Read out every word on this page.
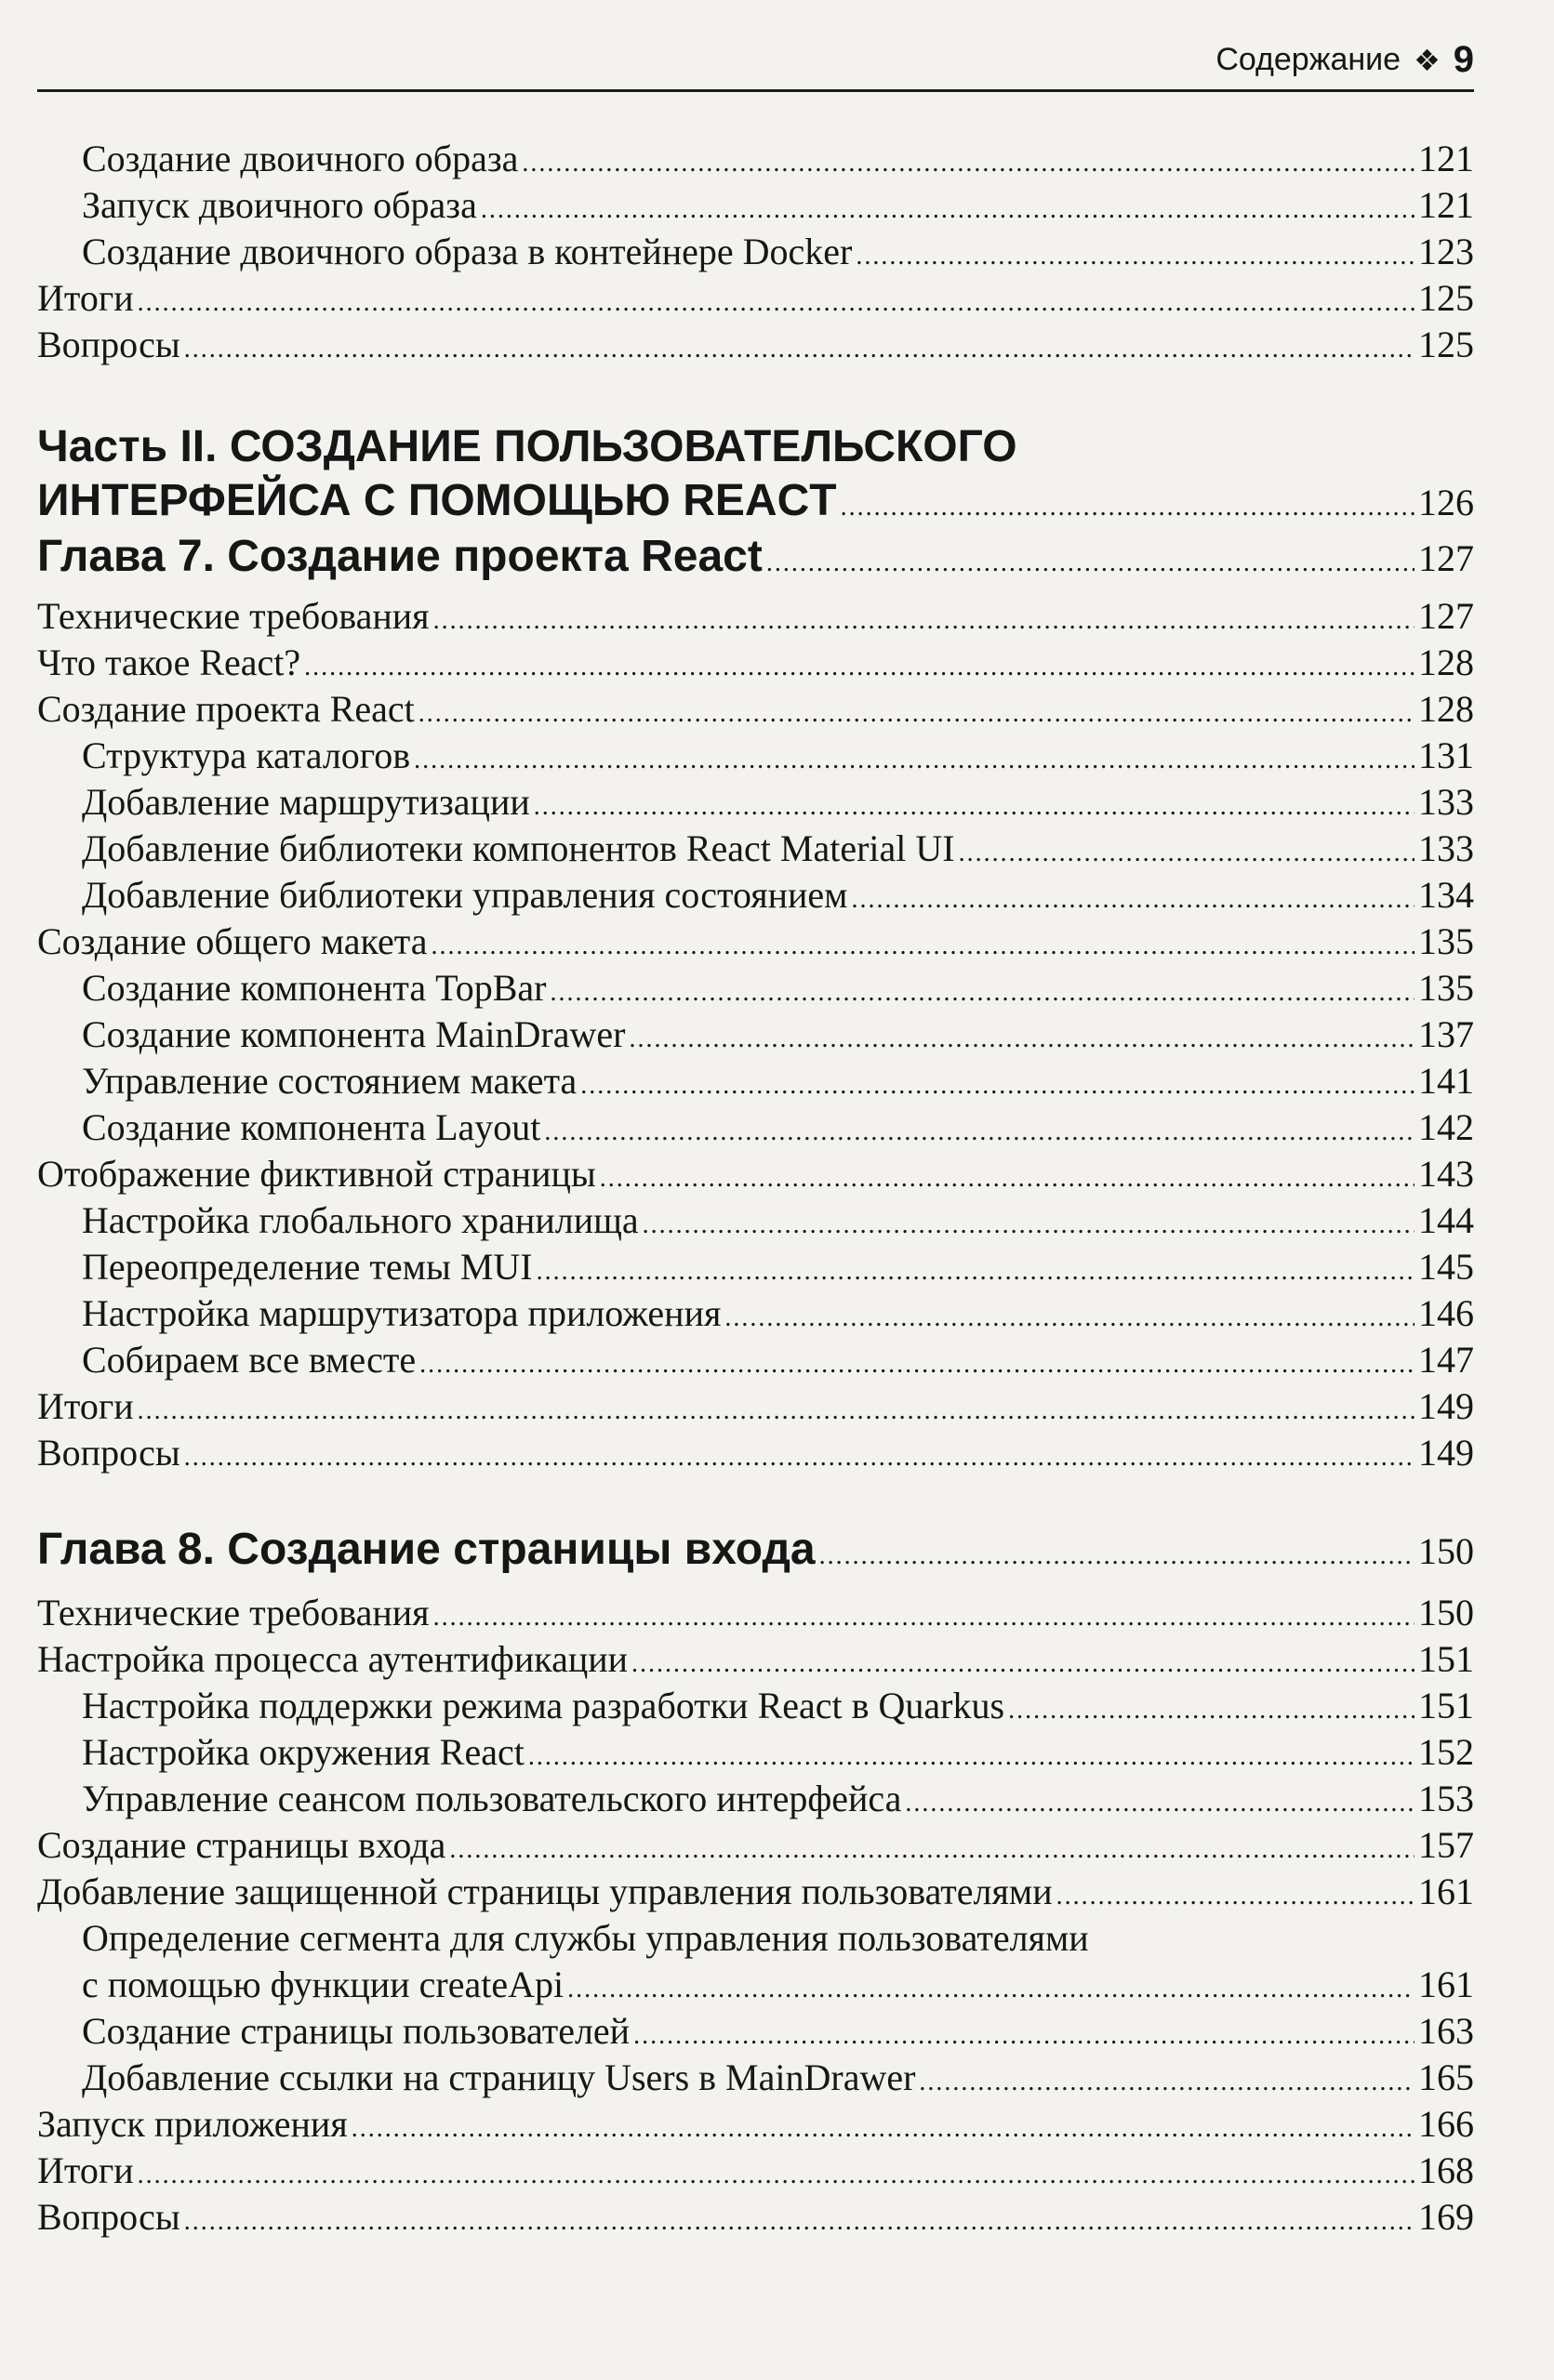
Содержание ❖ 9
Создание двоичного образа .....	121
Запуск двоичного образа .....	121
Создание двоичного образа в контейнере Docker .....	123
Итоги .....	125
Вопросы .....	125
Часть II. СОЗДАНИЕ ПОЛЬЗОВАТЕЛЬСКОГО
ИНТЕРФЕЙСА С ПОМОЩЬЮ REACT .....	126
Глава 7. Создание проекта React .....	127
Технические требования .....	127
Что такое React? .....	128
Создание проекта React .....	128
Структура каталогов .....	131
Добавление маршрутизации .....	133
Добавление библиотеки компонентов React Material UI .....	133
Добавление библиотеки управления состоянием .....	134
Создание общего макета .....	135
Создание компонента TopBar .....	135
Создание компонента MainDrawer .....	137
Управление состоянием макета .....	141
Создание компонента Layout .....	142
Отображение фиктивной страницы .....	143
Настройка глобального хранилища .....	144
Переопределение темы MUI .....	145
Настройка маршрутизатора приложения .....	146
Собираем все вместе .....	147
Итоги .....	149
Вопросы .....	149
Глава 8. Создание страницы входа .....	150
Технические требования .....	150
Настройка процесса аутентификации .....	151
Настройка поддержки режима разработки React в Quarkus .....	151
Настройка окружения React .....	152
Управление сеансом пользовательского интерфейса .....	153
Создание страницы входа .....	157
Добавление защищенной страницы управления пользователями .....	161
Определение сегмента для службы управления пользователями
с помощью функции createApi .....	161
Создание страницы пользователей .....	163
Добавление ссылки на страницу Users в MainDrawer .....	165
Запуск приложения .....	166
Итоги .....	168
Вопросы .....	169
